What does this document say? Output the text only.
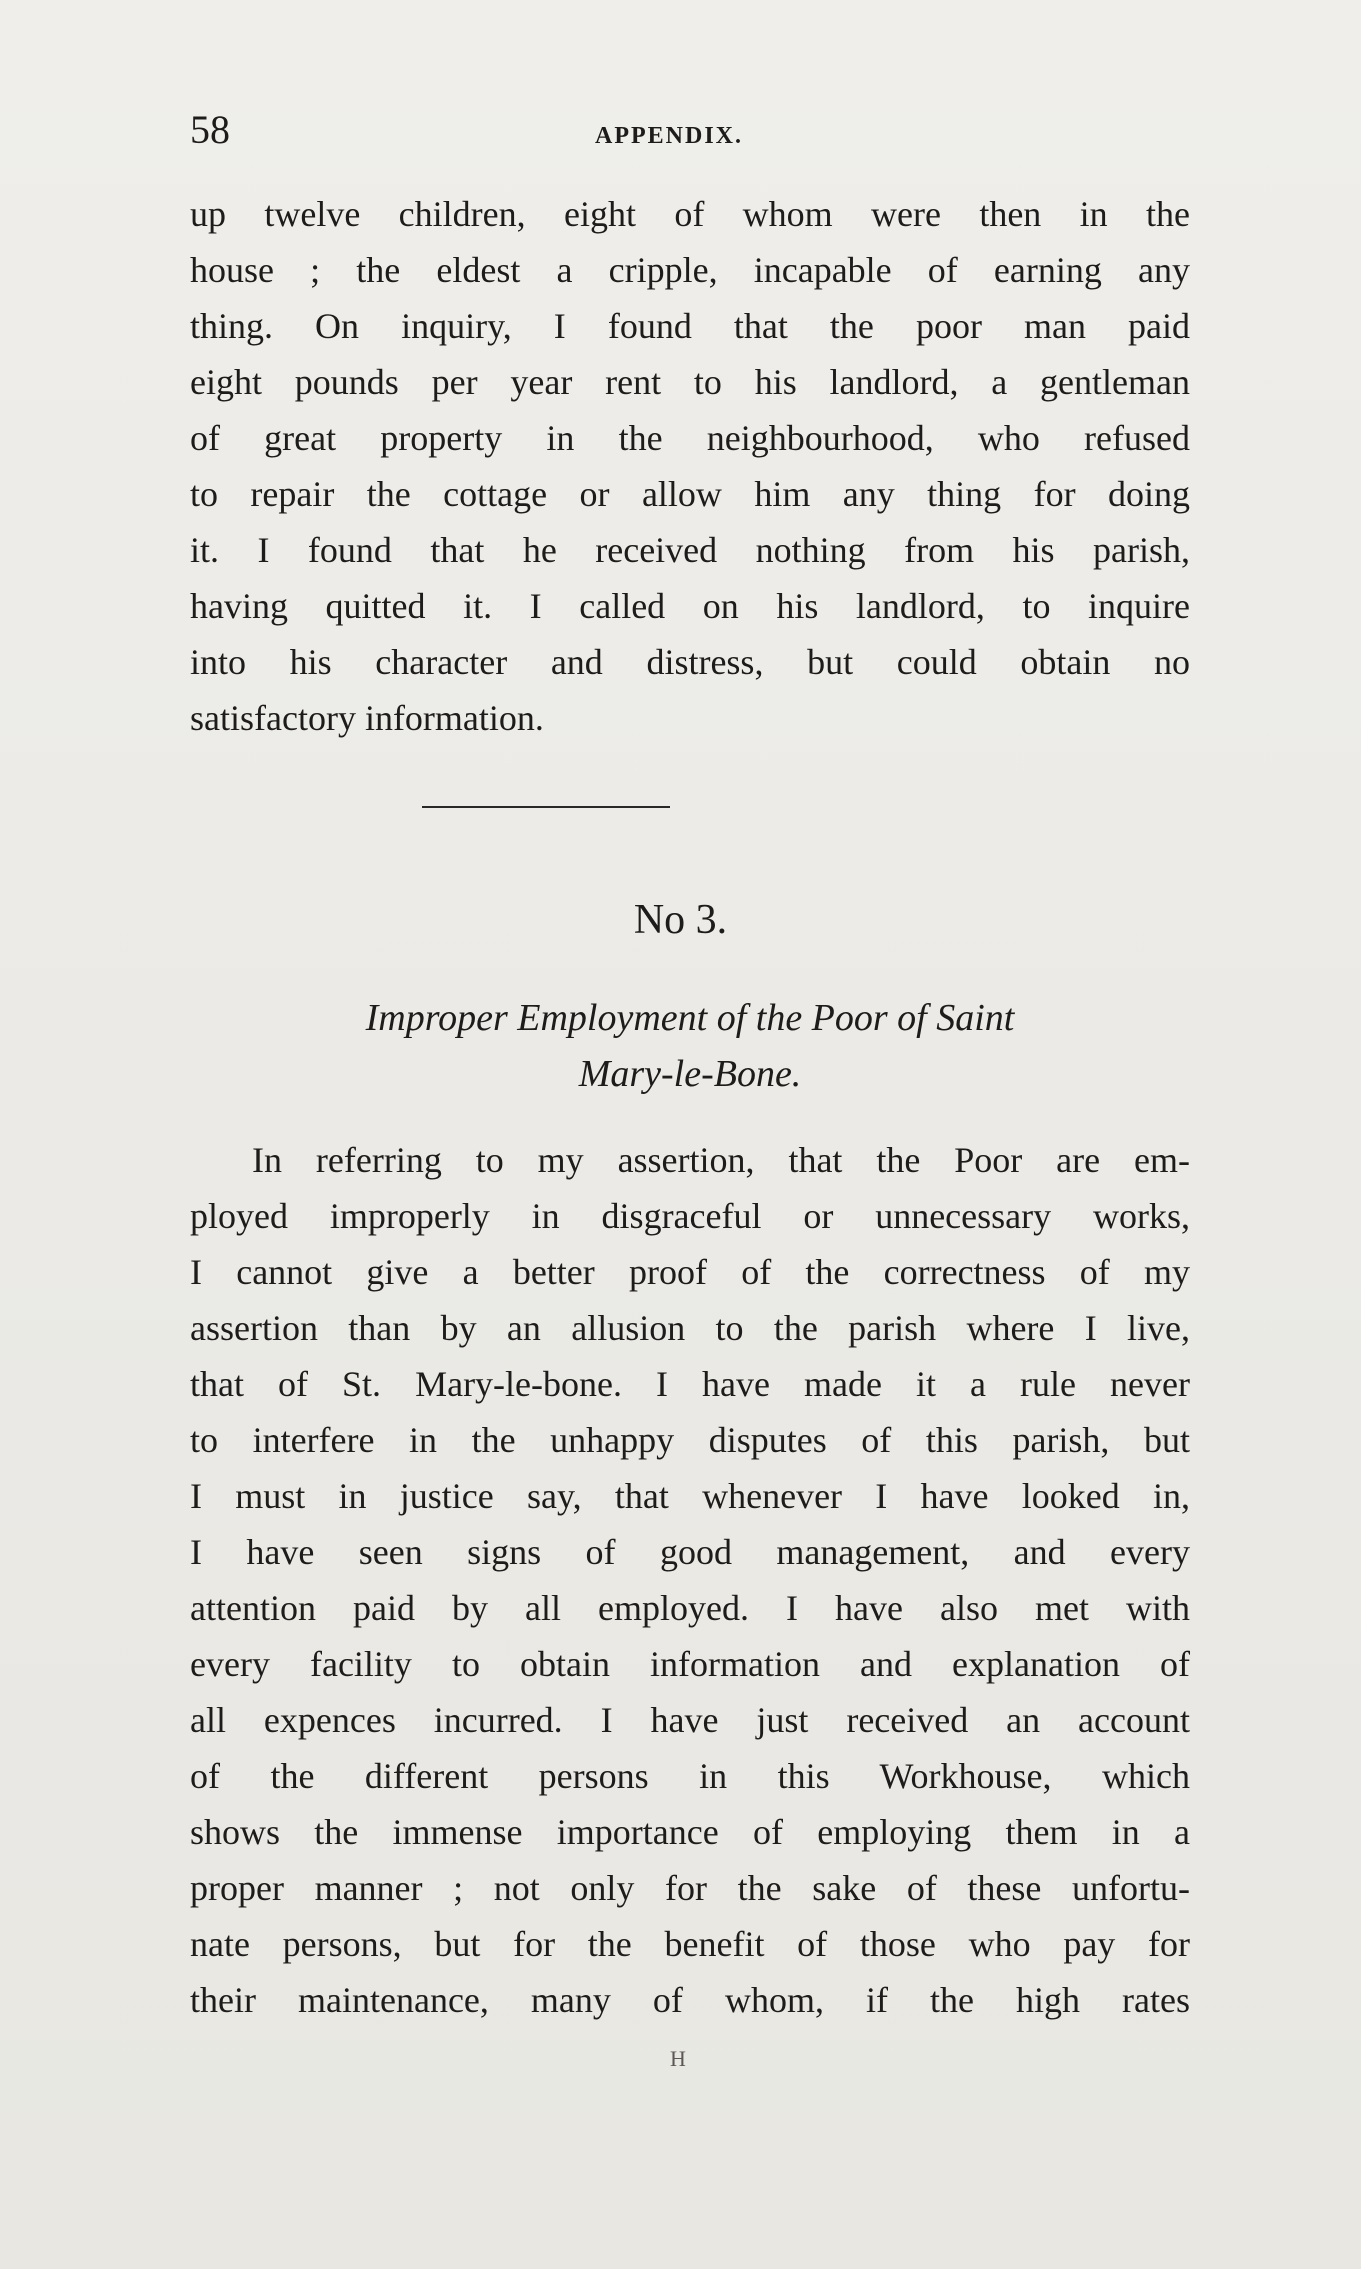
58	APPENDIX.
up twelve children, eight of whom were then in the
house ; the eldest a cripple, incapable of earning any
thing. On inquiry, I found that the poor man paid
eight pounds per year rent to his landlord, a gentleman
of great property in the neighbourhood, who refused
to repair the cottage or allow him any thing for doing
it. I found that he received nothing from his parish,
having quitted it. I called on his landlord, to inquire
into his character and distress, but could obtain no
satisfactory information.
No 3.
Improper Employment of the Poor of Saint
Mary-le-Bone.
In referring to my assertion, that the Poor are em-
ployed improperly in disgraceful or unnecessary works,
I cannot give a better proof of the correctness of my
assertion than by an allusion to the parish where I live,
that of St. Mary-le-bone. I have made it a rule never
to interfere in the unhappy disputes of this parish, but
I must in justice say, that whenever I have looked in,
I have seen signs of good management, and every
attention paid by all employed. I have also met with
every facility to obtain information and explanation of
all expences incurred. I have just received an account
of the different persons in this Workhouse, which
shows the immense importance of employing them in a
proper manner ; not only for the sake of these unfortu-
nate persons, but for the benefit of those who pay for
their maintenance, many of whom, if the high rates
H
